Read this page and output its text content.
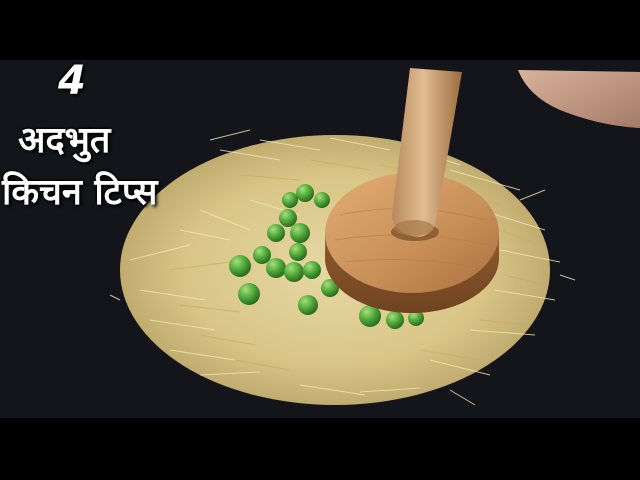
4
अदभुत
किचन टिप्स
